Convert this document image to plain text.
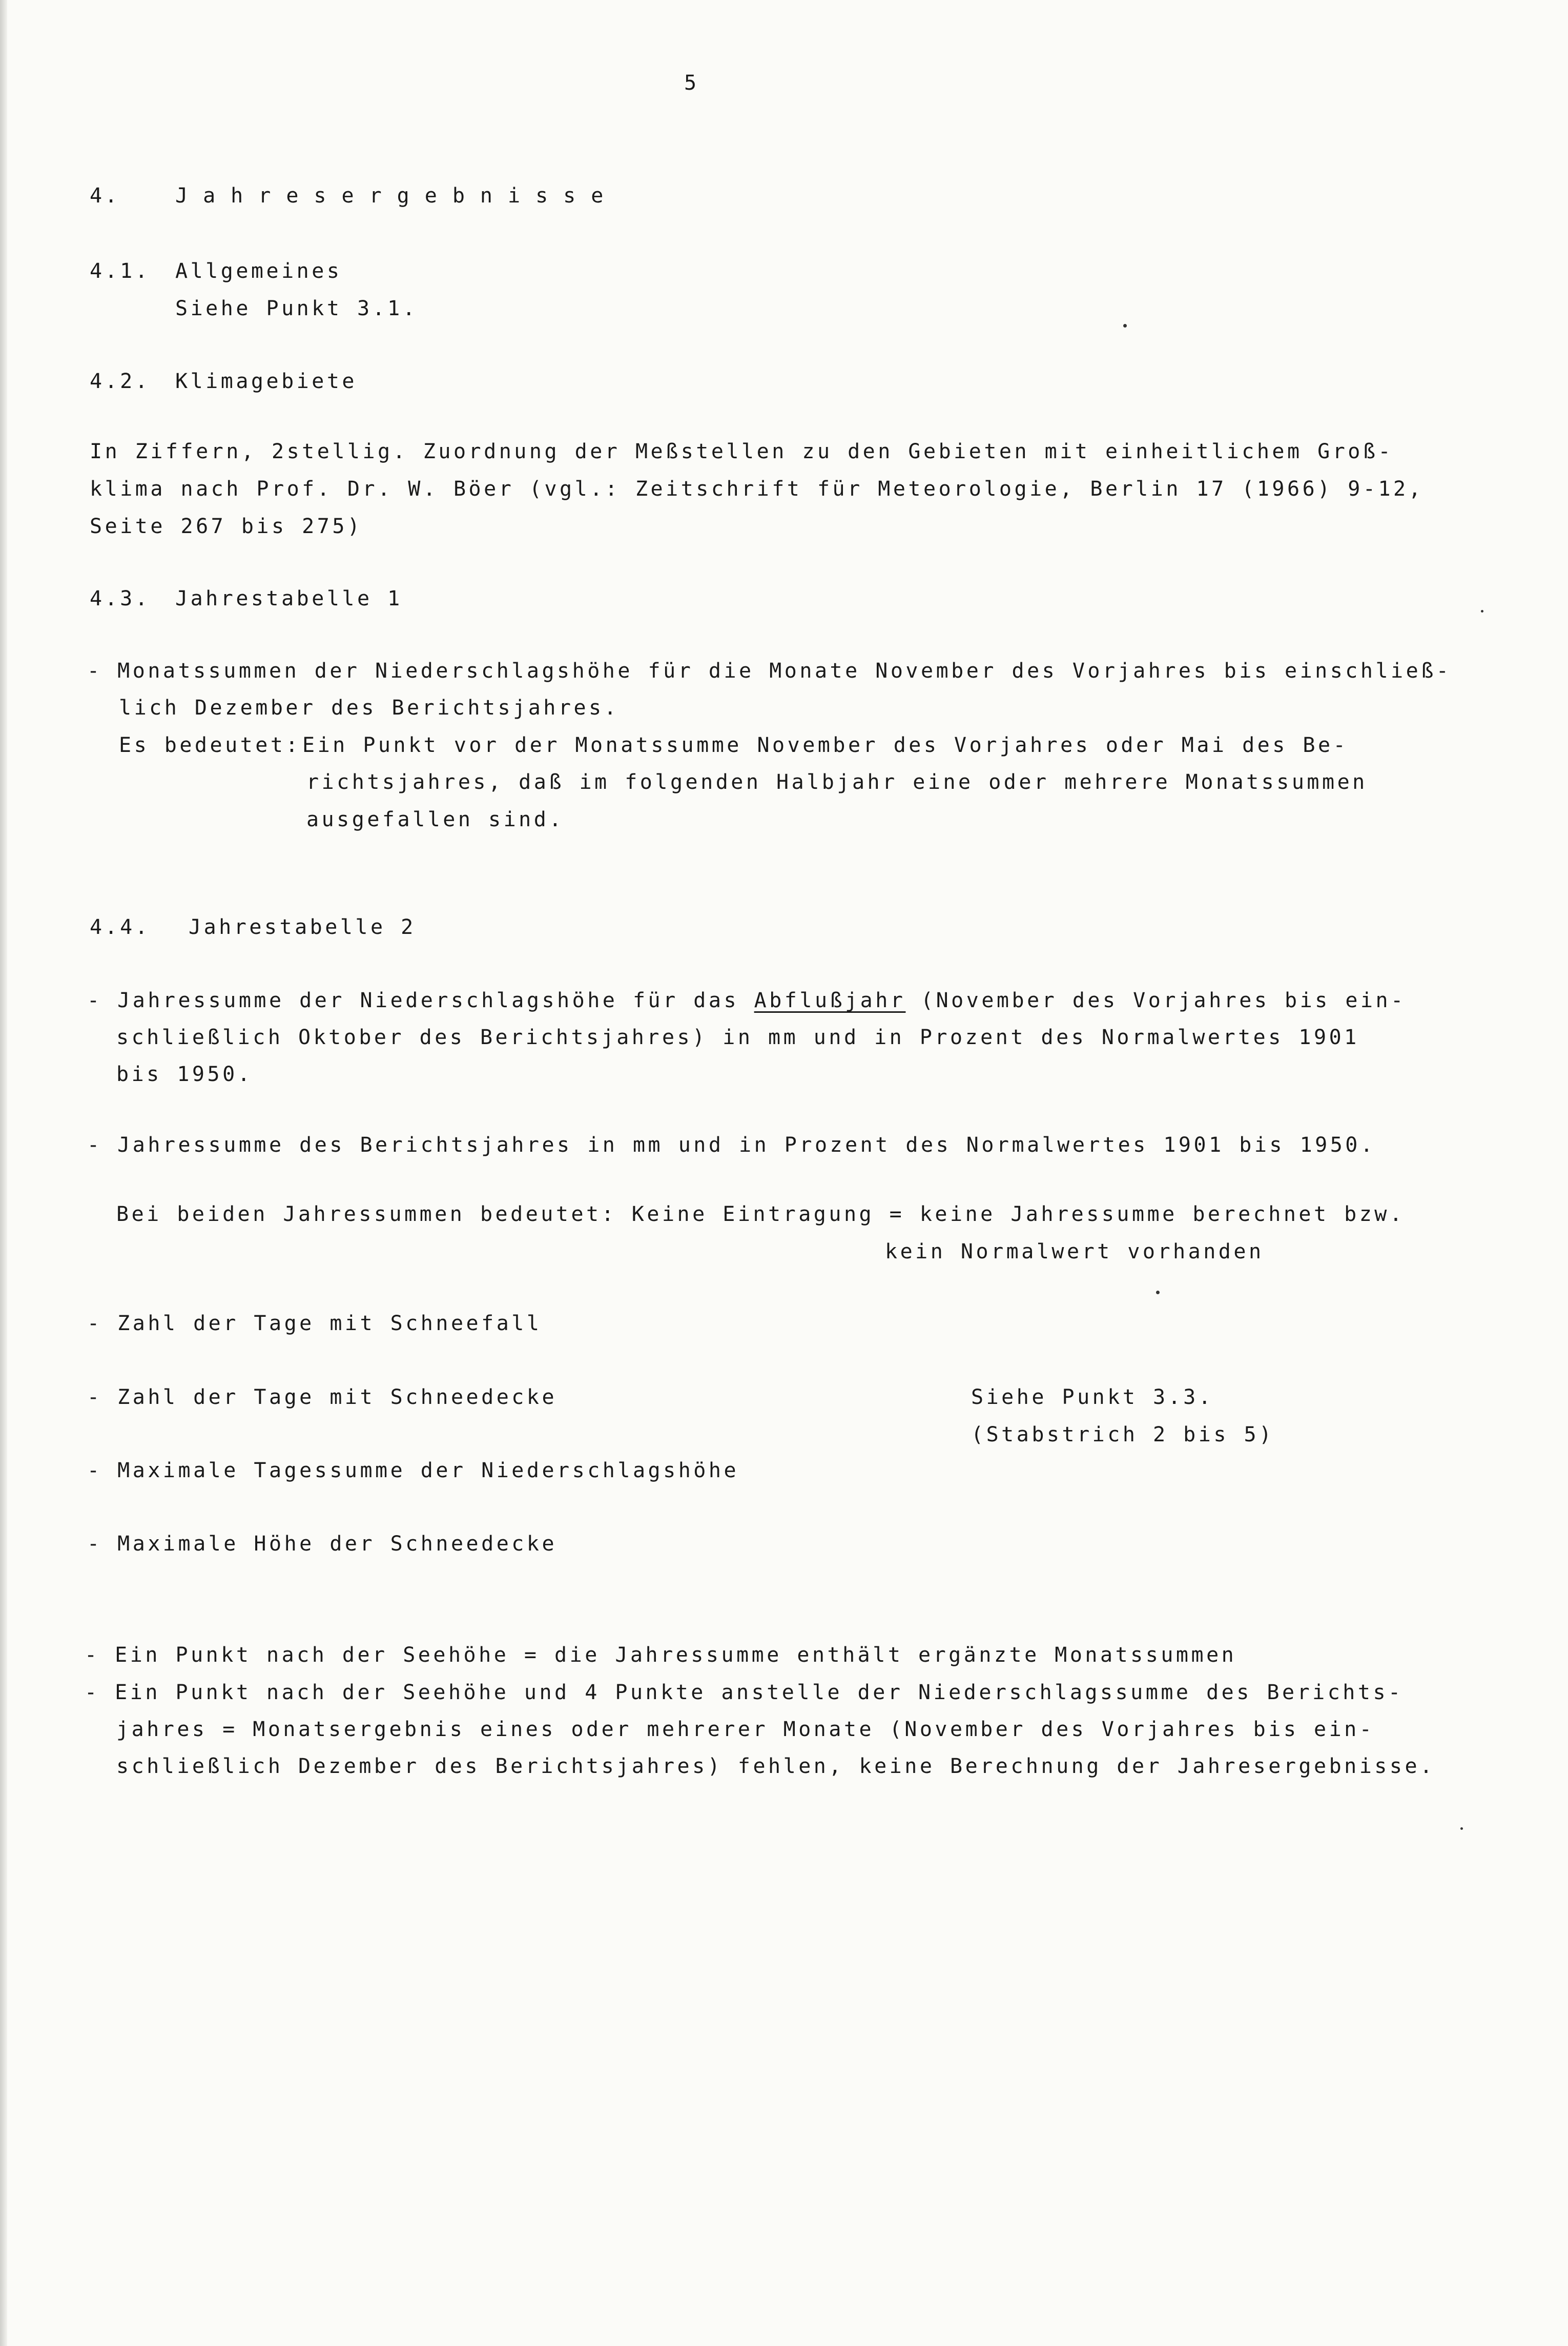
5
4.	Jahresergebnisse
4.1. Allgemeines
Siehe Punkt 3.1.
4.2. Klimagebiete
In Ziffern, 2stellig. Zuordnung der Meßstellen zu den Gebieten mit einheitlichem Groß-
klima nach Prof. Dr. W. Böer (vgl.: Zeitschrift für Meteorologie, Berlin 17 (1966) 9-12,
Seite 267 bis 275)
4.3. Jahrestabelle 1
- Monatssummen der Niederschlagshöhe für die Monate November des Vorjahres bis einschließ-
lich Dezember des Berichtsjahres.
Es bedeutet: Ein Punkt vor der Monatssumme November des Vorjahres oder Mai des Be-
richtsjahres, daß im folgenden Halbjahr eine oder mehrere Monatssummen
ausgefallen sind.
4.4. Jahrestabelle 2
- Jahressumme der Niederschlagshöhe für das Abflußjahr (November des Vorjahres bis ein-
schließlich Oktober des Berichtsjahres) in mm und in Prozent des Normalwertes 1901
bis 1950.
- Jahressumme des Berichtsjahres in mm und in Prozent des Normalwertes 1901 bis 1950.
Bei beiden Jahressummen bedeutet: Keine Eintragung = keine Jahressumme berechnet bzw.
kein Normalwert vorhanden
- Zahl der Tage mit Schneefall
- Zahl der Tage mit Schneedecke	Siehe Punkt 3.3.
(Stabstrich 2 bis 5)
- Maximale Tagessumme der Niederschlagshöhe
- Maximale Höhe der Schneedecke
- Ein Punkt nach der Seehöhe = die Jahressumme enthält ergänzte Monatssummen
- Ein Punkt nach der Seehöhe und 4 Punkte anstelle der Niederschlagssumme des Berichts-
jahres = Monatsergebnis eines oder mehrerer Monate (November des Vorjahres bis ein-
schließlich Dezember des Berichtsjahres) fehlen, keine Berechnung der Jahresergebnisse.
